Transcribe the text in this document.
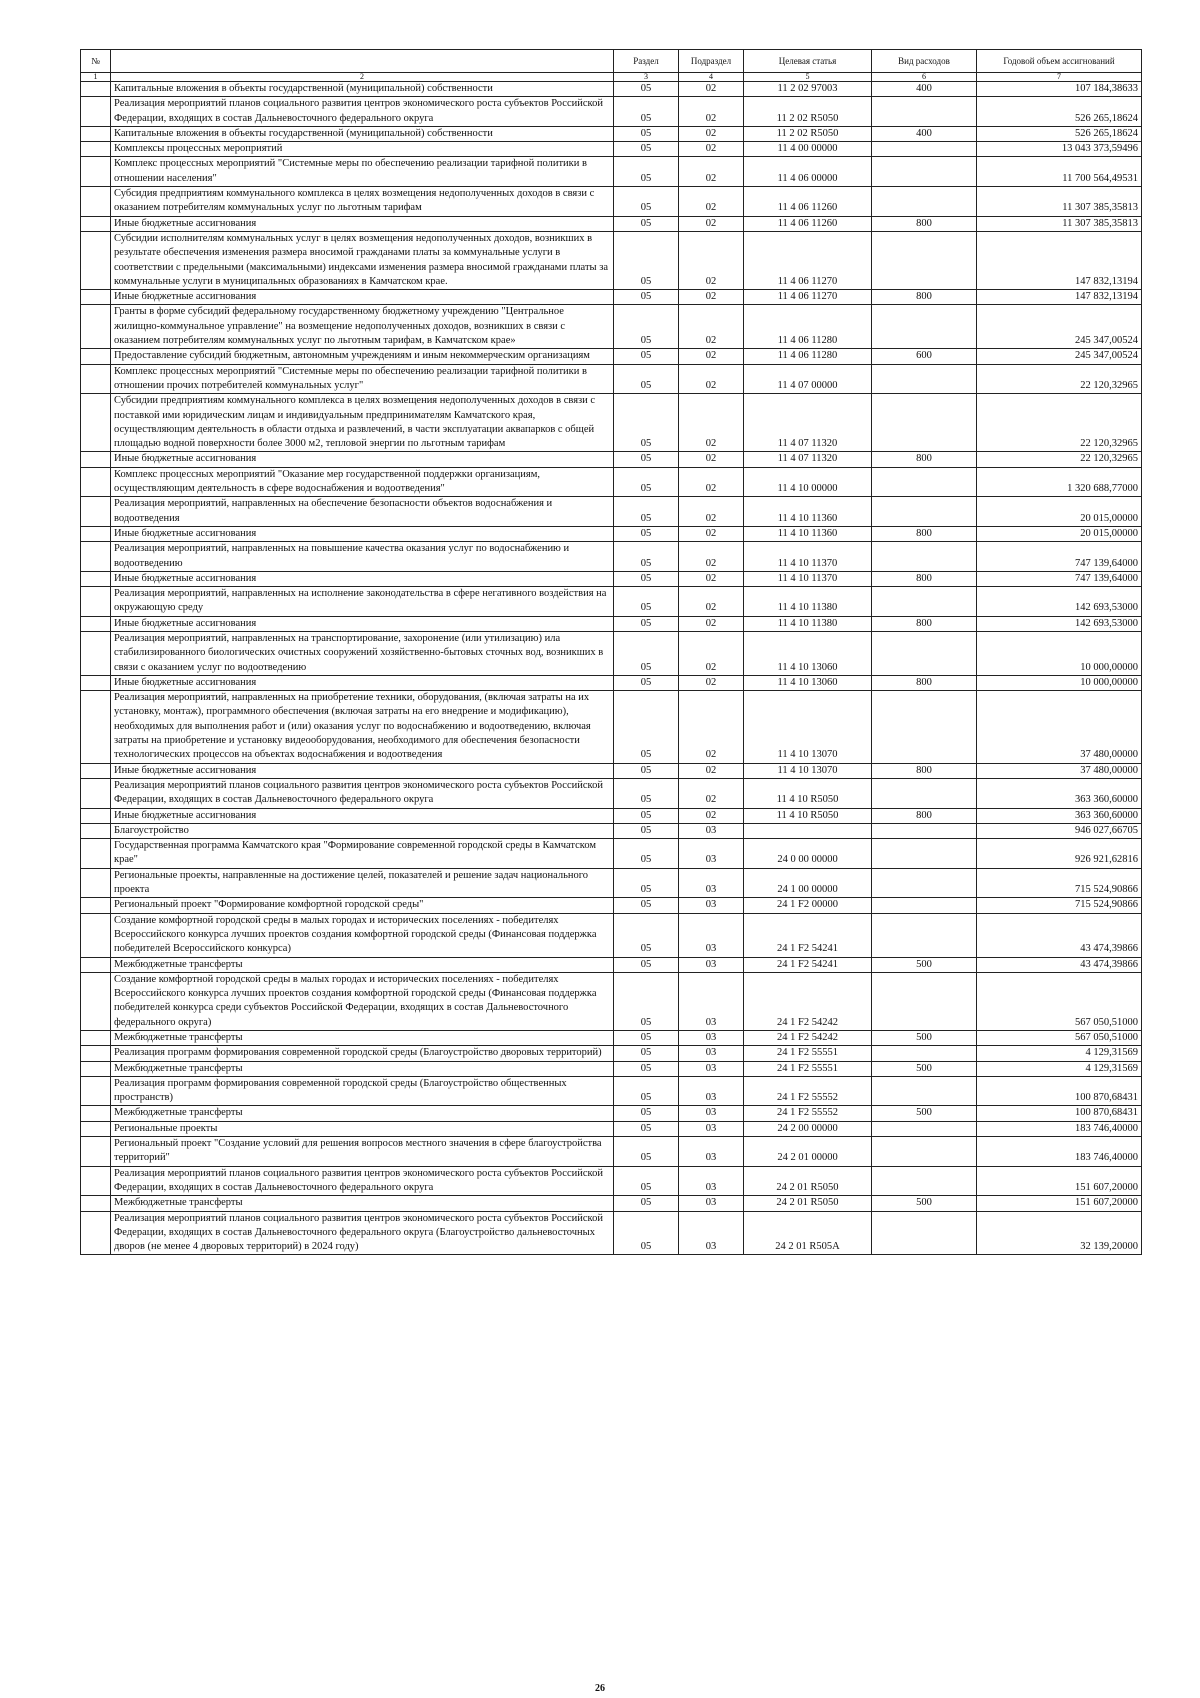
№		Раздел	Подраздел	Целевая статья	Вид расходов	Годовой объем ассигнований
1	2	3	4	5	6	7
	Капитальные вложения в объекты государственной (муниципальной) собственности	05	02	11 2 02 97003	400	107 184,38633
	Реализация мероприятий планов социального развития центров экономического роста субъектов Российской Федерации, входящих в состав Дальневосточного федерального округа	05	02	11 2 02 R5050		526 265,18624
	Капитальные вложения в объекты государственной (муниципальной) собственности	05	02	11 2 02 R5050	400	526 265,18624
	Комплексы процессных мероприятий	05	02	11 4 00 00000		13 043 373,59496
	Комплекс процессных мероприятий "Системные меры по обеспечению реализации тарифной политики в отношении населения"	05	02	11 4 06 00000		11 700 564,49531
	Субсидия предприятиям коммунального комплекса в целях возмещения недополученных доходов в связи с оказанием потребителям коммунальных услуг по льготным тарифам	05	02	11 4 06 11260		11 307 385,35813
	Иные бюджетные ассигнования	05	02	11 4 06 11260	800	11 307 385,35813
	Субсидии исполнителям коммунальных услуг в целях возмещения недополученных доходов, возникших в результате обеспечения изменения размера вносимой гражданами платы за коммунальные услуги в соответствии с предельными (максимальными) индексами изменения размера вносимой гражданами платы за коммунальные услуги в муниципальных образованиях в Камчатском крае.	05	02	11 4 06 11270		147 832,13194
	Иные бюджетные ассигнования	05	02	11 4 06 11270	800	147 832,13194
	Гранты в форме субсидий федеральному государственному бюджетному учреждению "Центральное жилищно-коммунальное управление" на возмещение недополученных доходов, возникших в связи с оказанием потребителям коммунальных услуг по льготным тарифам, в Камчатском крае»	05	02	11 4 06 11280		245 347,00524
	Предоставление субсидий бюджетным, автономным учреждениям и иным некоммерческим организациям	05	02	11 4 06 11280	600	245 347,00524
	Комплекс процессных мероприятий "Системные меры по обеспечению реализации тарифной политики в отношении прочих потребителей коммунальных услуг"	05	02	11 4 07 00000		22 120,32965
	Субсидии предприятиям коммунального комплекса в целях возмещения недополученных доходов в связи с поставкой ими юридическим лицам и индивидуальным предпринимателям Камчатского края, осуществляющим деятельность в области отдыха и развлечений, в части эксплуатации аквапарков с общей площадью водной поверхности более 3000 м2, тепловой энергии по льготным тарифам	05	02	11 4 07 11320		22 120,32965
	Иные бюджетные ассигнования	05	02	11 4 07 11320	800	22 120,32965
	Комплекс процессных мероприятий "Оказание мер государственной поддержки организациям, осуществляющим деятельность в сфере водоснабжения и водоотведения"	05	02	11 4 10 00000		1 320 688,77000
	Реализация мероприятий, направленных на обеспечение безопасности объектов водоснабжения и водоотведения	05	02	11 4 10 11360		20 015,00000
	Иные бюджетные ассигнования	05	02	11 4 10 11360	800	20 015,00000
	Реализация мероприятий, направленных на повышение качества оказания услуг по водоснабжению и водоотведению	05	02	11 4 10 11370		747 139,64000
	Иные бюджетные ассигнования	05	02	11 4 10 11370	800	747 139,64000
	Реализация мероприятий, направленных на исполнение законодательства в сфере негативного воздействия на окружающую среду	05	02	11 4 10 11380		142 693,53000
	Иные бюджетные ассигнования	05	02	11 4 10 11380	800	142 693,53000
	Реализация мероприятий, направленных на транспортирование, захоронение (или утилизацию) ила стабилизированного биологических очистных сооружений хозяйственно-бытовых сточных вод, возникших в связи с оказанием услуг по водоотведению	05	02	11 4 10 13060		10 000,00000
	Иные бюджетные ассигнования	05	02	11 4 10 13060	800	10 000,00000
	Реализация мероприятий, направленных на приобретение техники, оборудования, (включая затраты на их установку, монтаж), программного обеспечения (включая затраты на его внедрение и модификацию), необходимых для выполнения работ и (или) оказания услуг по водоснабжению и водоотведению, включая затраты на приобретение и установку видеооборудования, необходимого для обеспечения безопасности технологических процессов на объектах водоснабжения и водоотведения	05	02	11 4 10 13070		37 480,00000
	Иные бюджетные ассигнования	05	02	11 4 10 13070	800	37 480,00000
	Реализация мероприятий планов социального развития центров экономического роста субъектов Российской Федерации, входящих в состав Дальневосточного федерального округа	05	02	11 4 10 R5050		363 360,60000
	Иные бюджетные ассигнования	05	02	11 4 10 R5050	800	363 360,60000
	Благоустройство	05	03			946 027,66705
	Государственная программа Камчатского края "Формирование современной городской среды в Камчатском крае"	05	03	24 0 00 00000		926 921,62816
	Региональные проекты, направленные на достижение целей, показателей и решение задач национального проекта	05	03	24 1 00 00000		715 524,90866
	Региональный проект "Формирование комфортной городской среды"	05	03	24 1 F2 00000		715 524,90866
	Создание комфортной городской среды в малых городах и исторических поселениях - победителях Всероссийского конкурса лучших проектов создания комфортной городской среды (Финансовая поддержка победителей Всероссийского конкурса)	05	03	24 1 F2 54241		43 474,39866
	Межбюджетные трансферты	05	03	24 1 F2 54241	500	43 474,39866
	Создание комфортной городской среды в малых городах и исторических поселениях - победителях Всероссийского конкурса лучших проектов создания комфортной городской среды (Финансовая поддержка победителей конкурса среди субъектов Российской Федерации, входящих в состав Дальневосточного федерального округа)	05	03	24 1 F2 54242		567 050,51000
	Межбюджетные трансферты	05	03	24 1 F2 54242	500	567 050,51000
	Реализация программ формирования современной городской среды (Благоустройство дворовых территорий)	05	03	24 1 F2 55551		4 129,31569
	Межбюджетные трансферты	05	03	24 1 F2 55551	500	4 129,31569
	Реализация программ формирования современной городской среды (Благоустройство общественных пространств)	05	03	24 1 F2 55552		100 870,68431
	Межбюджетные трансферты	05	03	24 1 F2 55552	500	100 870,68431
	Региональные проекты	05	03	24 2 00 00000		183 746,40000
	Региональный проект "Создание условий для решения вопросов местного значения в сфере благоустройства территорий"	05	03	24 2 01 00000		183 746,40000
	Реализация мероприятий планов социального развития центров экономического роста субъектов Российской Федерации, входящих в состав Дальневосточного федерального округа	05	03	24 2 01 R5050		151 607,20000
	Межбюджетные трансферты	05	03	24 2 01 R5050	500	151 607,20000
	Реализация мероприятий планов социального развития центров экономического роста субъектов Российской Федерации, входящих в состав Дальневосточного федерального округа (Благоустройство дальневосточных дворов (не менее 4 дворовых территорий) в 2024 году)	05	03	24 2 01 R505А		32 139,20000
26
